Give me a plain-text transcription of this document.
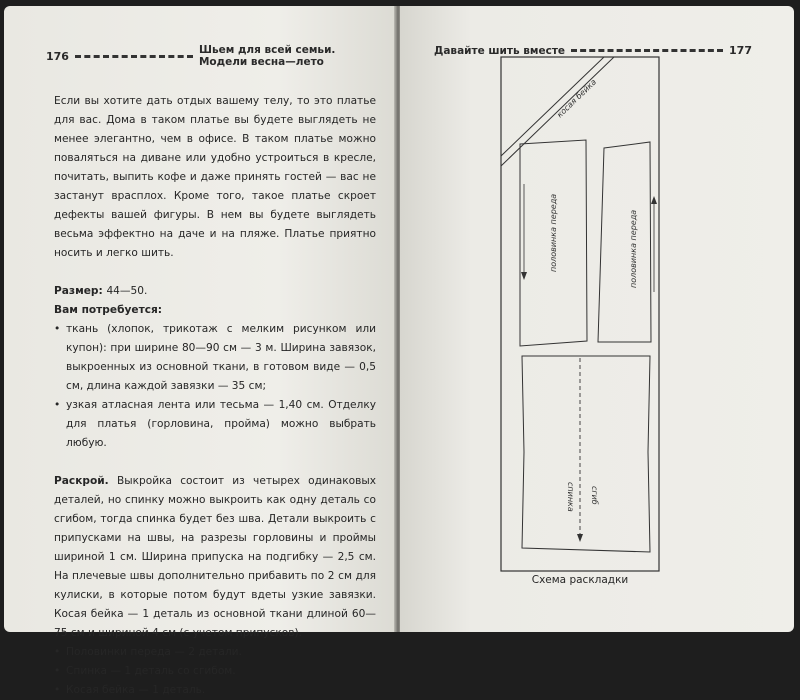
176	Шьем для всей семьи. Модели весна—лето

Если вы хотите дать отдых вашему телу, то это платье для вас. Дома в таком платье вы будете выглядеть не менее элегантно, чем в офисе. В таком платье можно поваляться на диване или удобно устроиться в кресле, почитать, выпить кофе и даже принять гостей — вас не застанут врасплох. Кроме того, такое платье скроет дефекты вашей фигуры. В нем вы будете выглядеть весьма эффектно на даче и на пляже. Платье приятно носить и легко шить.

Размер: 44—50.

Вам потребуется:

• ткань (хлопок, трикотаж с мелким рисунком или купон): при ширине 80—90 см — 3 м. Ширина завязок, выкроенных из основной ткани, в готовом виде — 0,5 см, длина каждой завязки — 35 см;
• узкая атласная лента или тесьма — 1,40 см. Отделку для платья (горловина, пройма) можно выбрать любую.

Раскрой. Выкройка состоит из четырех одинаковых деталей, но спинку можно выкроить как одну деталь со сгибом, тогда спинка будет без шва. Детали выкроить с припусками на швы, на разрезы горловины и проймы шириной 1 см. Ширина припуска на подгибку — 2,5 см. На плечевые швы дополнительно прибавить по 2 см для кулиски, в которые потом будут вдеты узкие завязки. Косая бейка — 1 деталь из основной ткани длиной 60—75 см и шириной 4 см (с учетом припусков).

• Половинки переда — 2 детали.
• Спинка — 1 деталь со сгибом.
• Косая бейка — 1 деталь.
Давайте шить вместе	177
косая бейка
половинка переда	половинка переда
спинка сгиб
Схема раскладки
